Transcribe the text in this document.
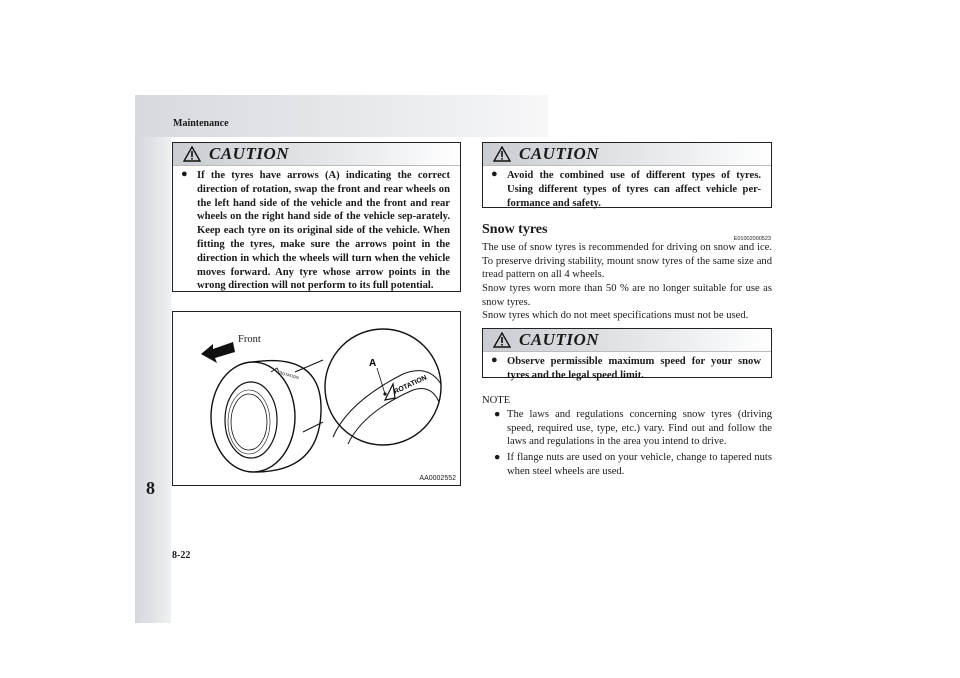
Maintenance
8
8-22
CAUTION
● If the tyres have arrows (A) indicating the correct direction of rotation, swap the front and rear wheels on the left hand side of the vehicle and the front and rear wheels on the right hand side of the vehicle sep-arately. Keep each tyre on its original side of the vehicle. When fitting the tyres, make sure the arrows point in the direction in which the wheels will turn when the vehicle moves forward. Any tyre whose arrow points in the wrong direction will not perform to its full potential.
ROTATION	ROTATION
A
Front
AA0002552
CAUTION
● Avoid the combined use of different types of tyres. Using different types of tyres can affect vehicle per-formance and safety.
Snow tyres
E01002000523
The use of snow tyres is recommended for driving on snow and ice. To preserve driving stability, mount snow tyres of the same size and tread pattern on all 4 wheels.
Snow tyres worn more than 50 % are no longer suitable for use as snow tyres.
Snow tyres which do not meet specifications must not be used.
CAUTION
● Observe permissible maximum speed for your snow tyres and the legal speed limit.
NOTE
● The laws and regulations concerning snow tyres (driving speed, required use, type, etc.) vary. Find out and follow the laws and regulations in the area you intend to drive.
● If flange nuts are used on your vehicle, change to tapered nuts when steel wheels are used.
